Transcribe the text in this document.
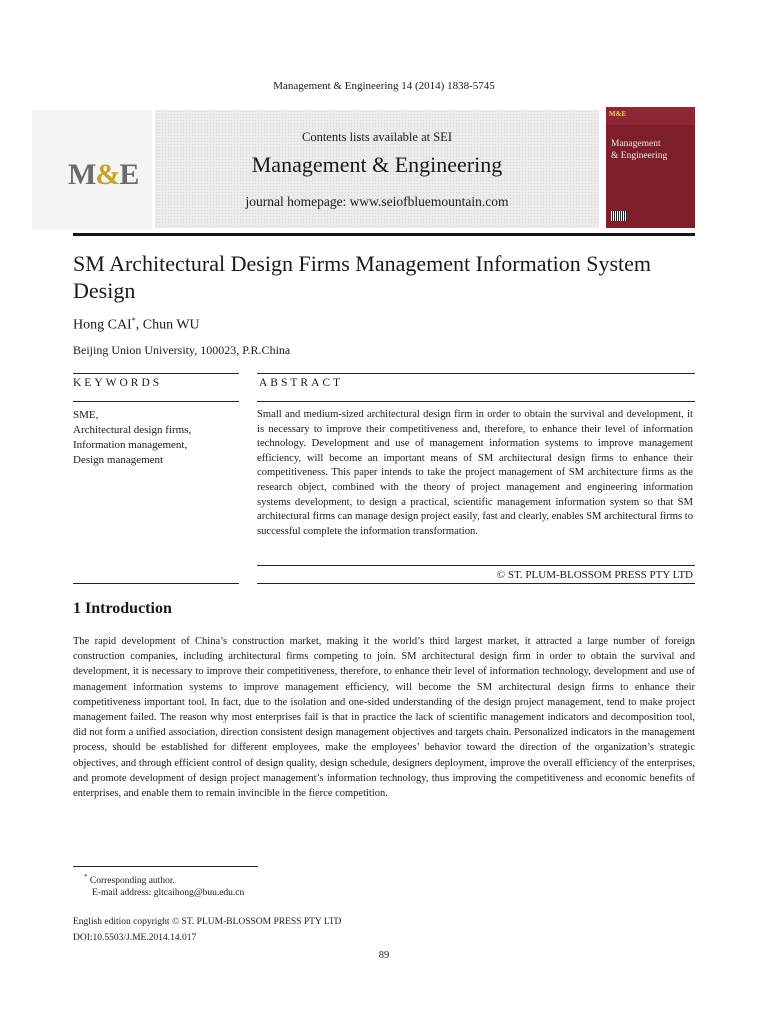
Management & Engineering 14 (2014) 1838-5745
M&E
Contents lists available at SEI
Management & Engineering
journal homepage: www.seiofbluemountain.com
M&E
Management
& Engineering
SM Architectural Design Firms Management Information System Design
Hong CAI*, Chun WU
Beijing Union University, 100023, P.R.China
KEYWORDS	ABSTRACT
SME,
Architectural design firms,
Information management,
Design management
Small and medium-sized architectural design firm in order to obtain the survival and development, it is necessary to improve their competitiveness and, therefore, to enhance their level of information technology. Development and use of management information systems to improve management efficiency, will become an important means of SM architectural design firms to enhance their competitiveness. This paper intends to take the project management of SM architecture firms as the research object, combined with the theory of project management and engineering information systems development, to design a practical, scientific management information system so that SM architectural firms can manage design project easily, fast and clearly, enables SM architectural firms to successful complete the information transformation.
© ST. PLUM-BLOSSOM PRESS PTY LTD
1 Introduction
The rapid development of China’s construction market, making it the world’s third largest market, it attracted a large number of foreign construction companies, including architectural firms competing to join. SM architectural design firm in order to obtain the survival and development, it is necessary to improve their competitiveness, therefore, to enhance their level of information technology, development and use of management information systems to improve management efficiency, will become the SM architectural design firms to enhance their competitiveness important tool. In fact, due to the isolation and one-sided understanding of the design project management, tend to make project management failed. The reason why most enterprises fail is that in practice the lack of scientific management indicators and decomposition tool, did not form a unified association, direction consistent design management objectives and targets chain. Personalized indicators in the management process, should be established for different employees, make the employees’ behavior toward the direction of the organization’s strategic objectives, and through efficient control of design quality, design schedule, designers deployment, improve the overall efficiency of the enterprises, and promote development of design project management’s information technology, thus improving the competitiveness and economic benefits of enterprises, and enable them to remain invincible in the fierce competition.
* Corresponding author.
E-mail address: gltcaihong@buu.edu.cn
English edition copyright © ST. PLUM-BLOSSOM PRESS PTY LTD
DOI:10.5503/J.ME.2014.14.017
89
